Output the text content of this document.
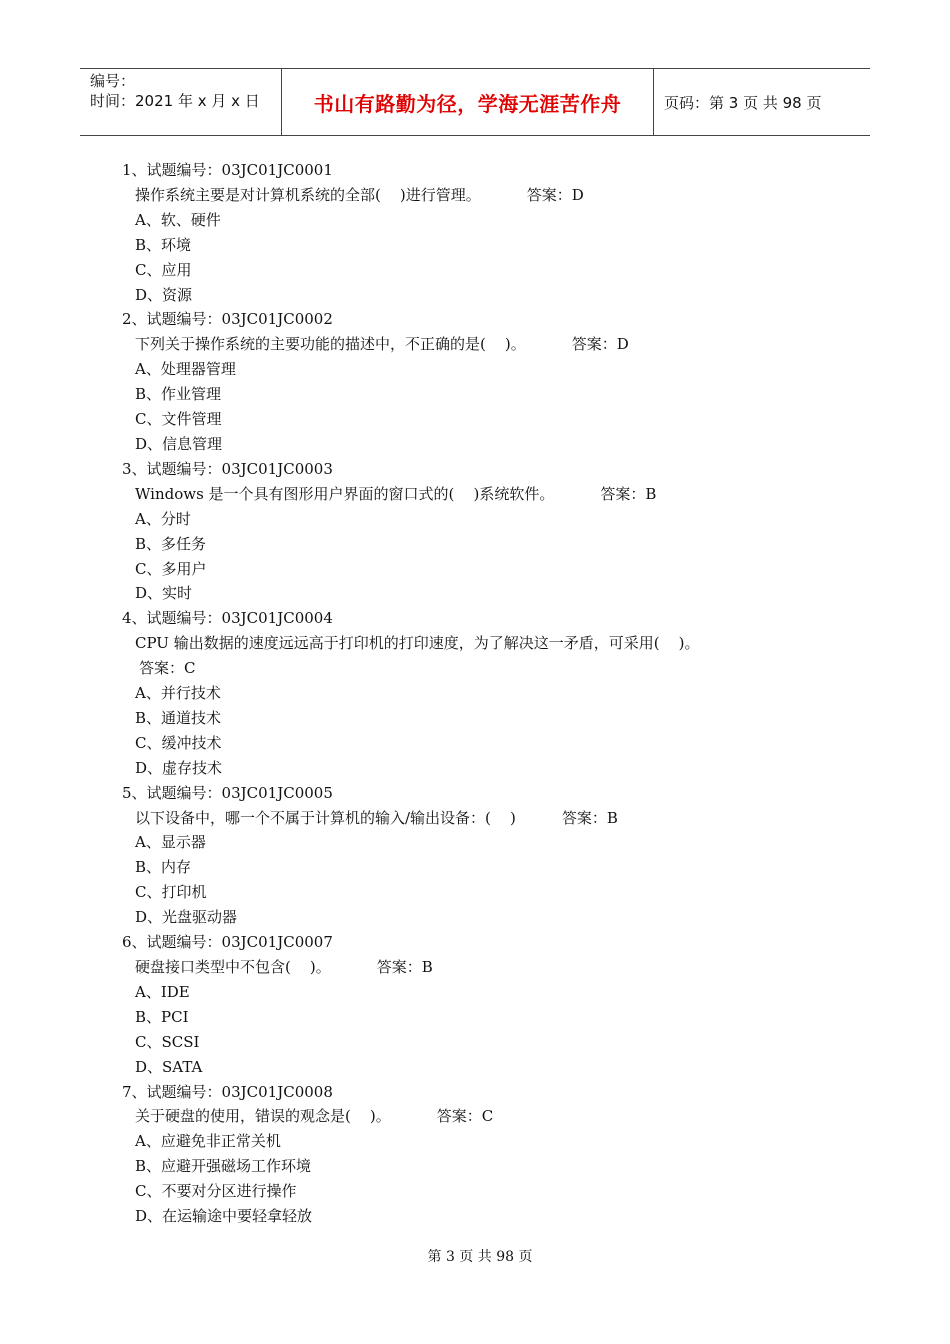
编号：
时间：2021 年 x 月 x 日	书山有路勤为径，学海无涯苦作舟	页码：第 3 页 共 98 页
1、试题编号：03JC01JC0001
操作系统主要是对计算机系统的全部(    )进行管理。	答案：D
A、软、硬件
B、环境
C、应用
D、资源
2、试题编号：03JC01JC0002
下列关于操作系统的主要功能的描述中，不正确的是(    )。	答案：D
A、处理器管理
B、作业管理
C、文件管理
D、信息管理
3、试题编号：03JC01JC0003
Windows 是一个具有图形用户界面的窗口式的(    )系统软件。	答案：B
A、分时
B、多任务
C、多用户
D、实时
4、试题编号：03JC01JC0004
CPU 输出数据的速度远远高于打印机的打印速度，为了解决这一矛盾，可采用(    )。
答案：C
A、并行技术
B、通道技术
C、缓冲技术
D、虚存技术
5、试题编号：03JC01JC0005
以下设备中，哪一个不属于计算机的输入/输出设备：(    )	答案：B
A、显示器
B、内存
C、打印机
D、光盘驱动器
6、试题编号：03JC01JC0007
硬盘接口类型中不包含(    )。	答案：B
A、IDE
B、PCI
C、SCSI
D、SATA
7、试题编号：03JC01JC0008
关于硬盘的使用，错误的观念是(    )。	答案：C
A、应避免非正常关机
B、应避开强磁场工作环境
C、不要对分区进行操作
D、在运输途中要轻拿轻放
第 3 页 共 98 页
